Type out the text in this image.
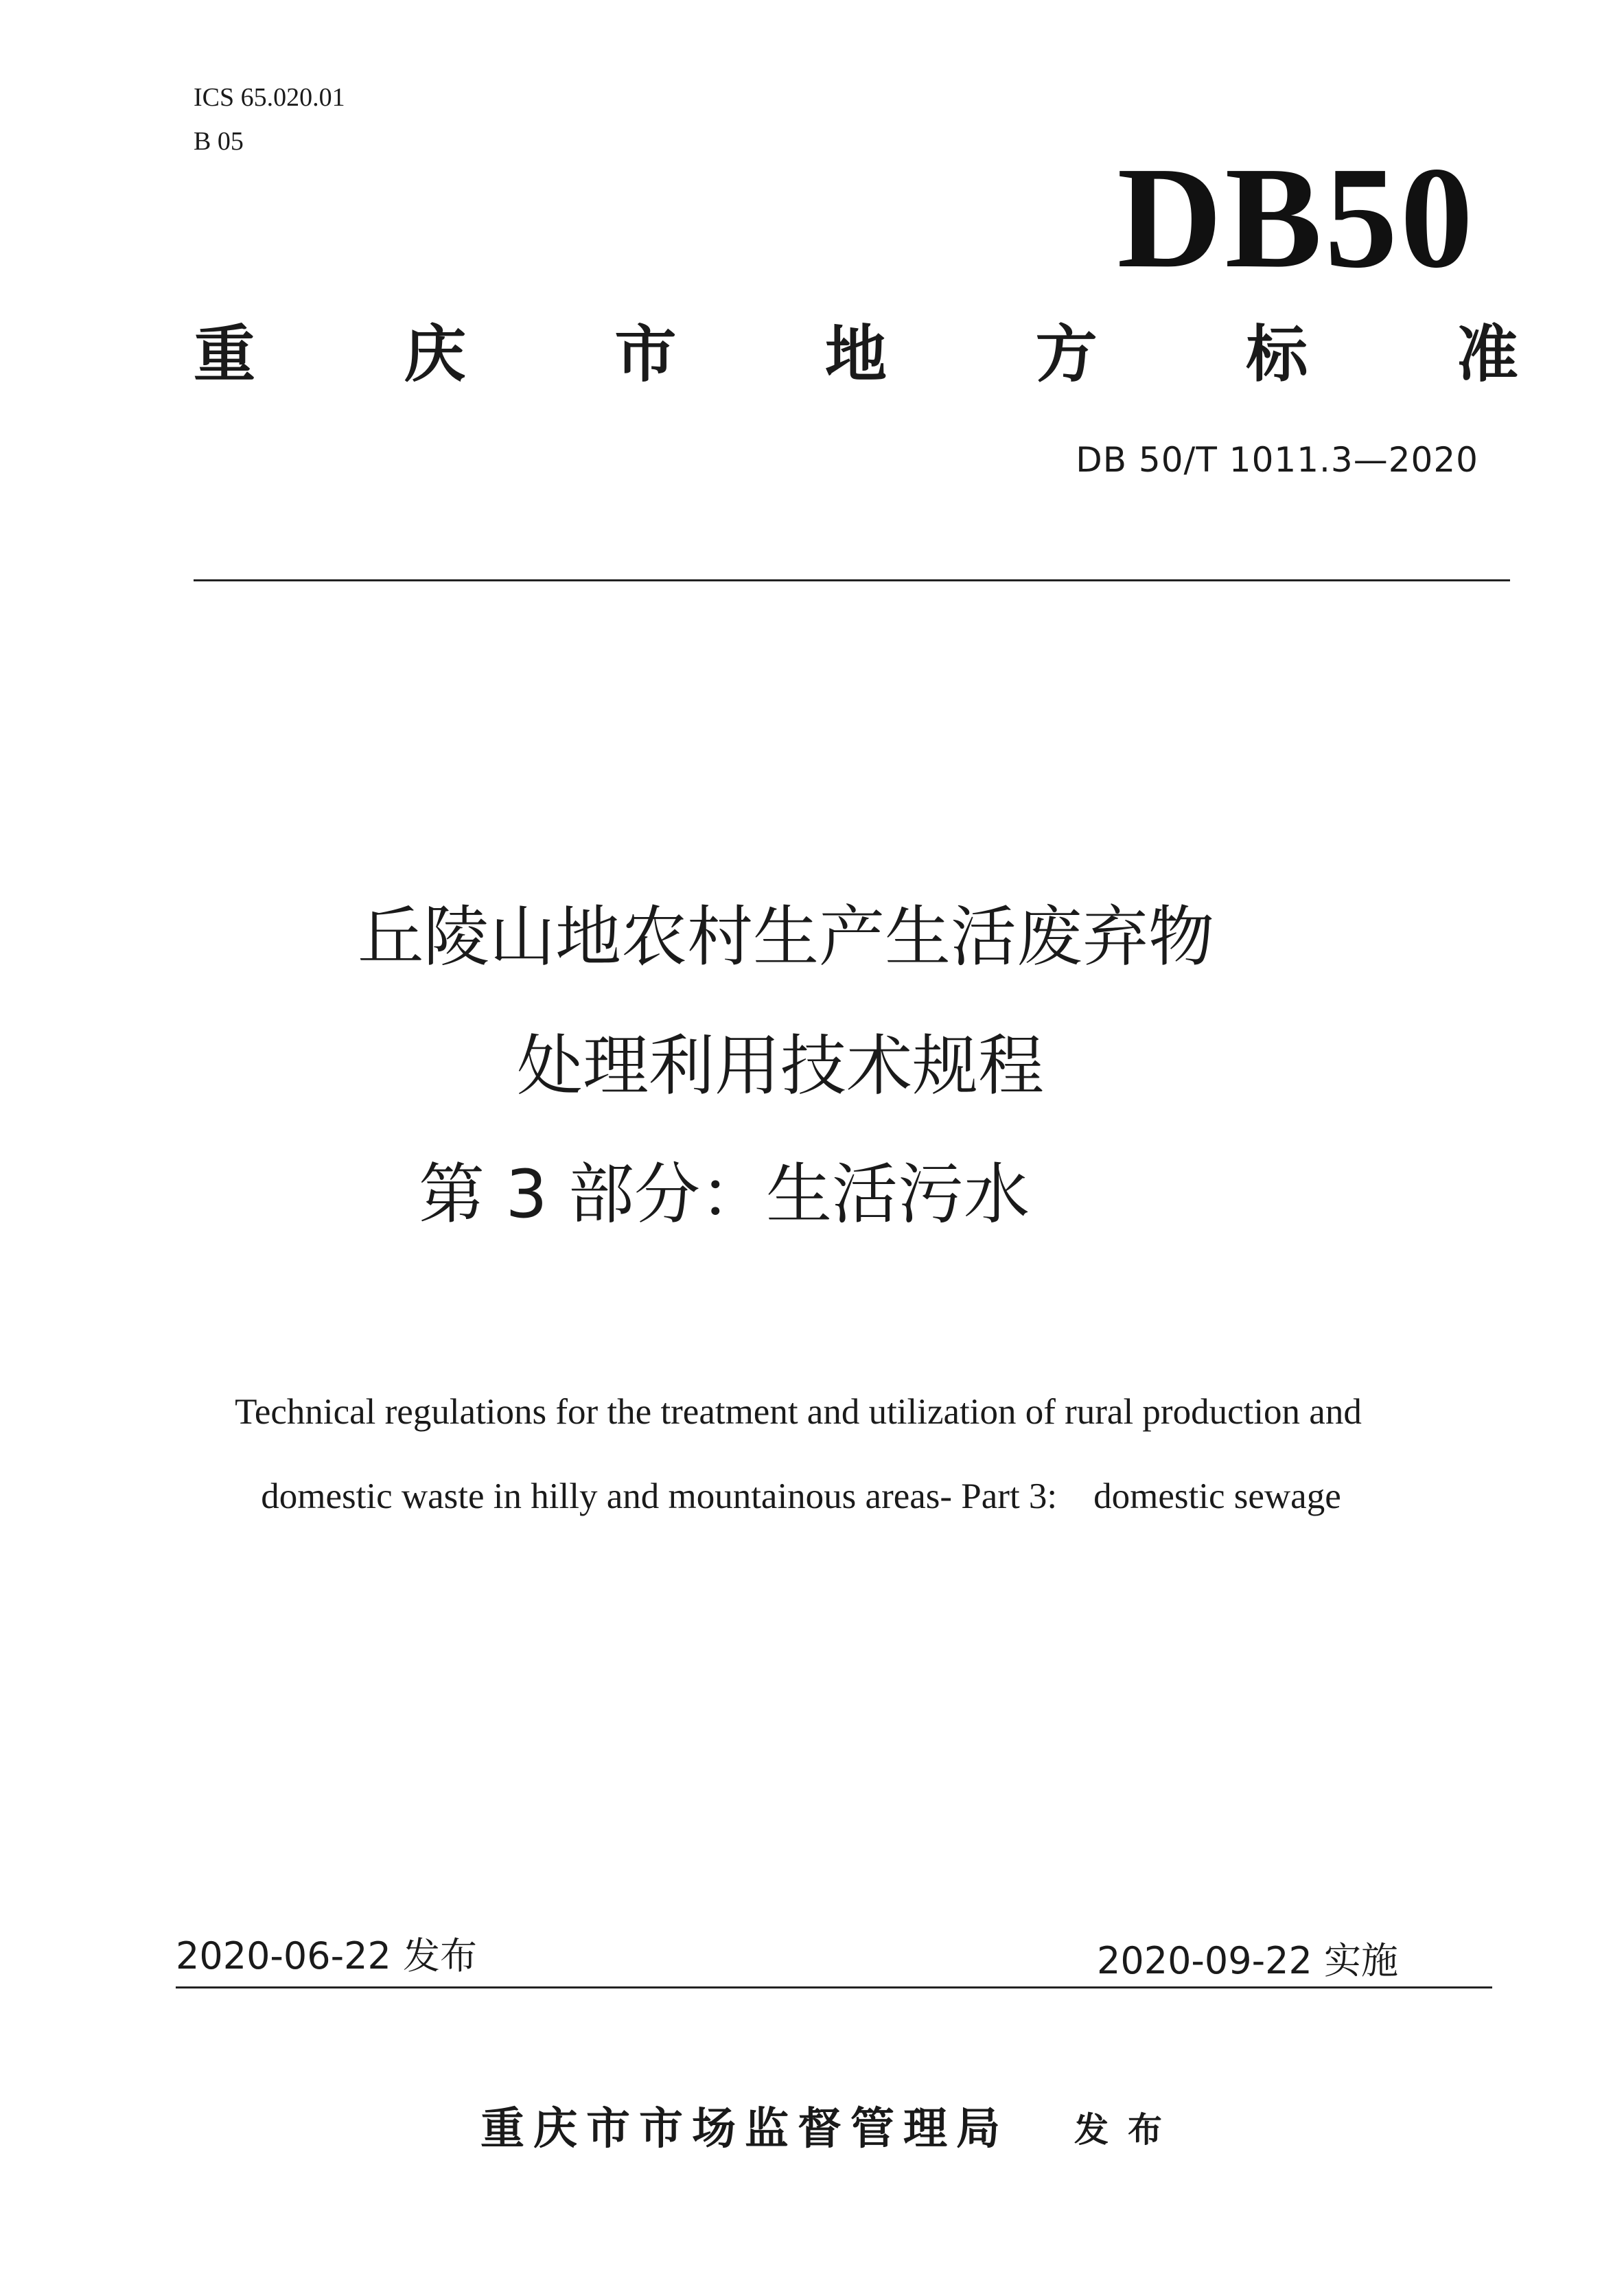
ICS 65.020.01
B 05	DB50
重 庆 市 地 方 标 准
DB 50/T 1011.3—2020
丘陵山地农村生产生活废弃物
处理利用技术规程
第 3 部分：生活污水
Technical regulations for the treatment and utilization of rural production and
domestic waste in hilly and mountainous areas- Part 3:    domestic sewage
2020-06-22 发布	2020-09-22 实施
重庆市市场监督管理局 发布
